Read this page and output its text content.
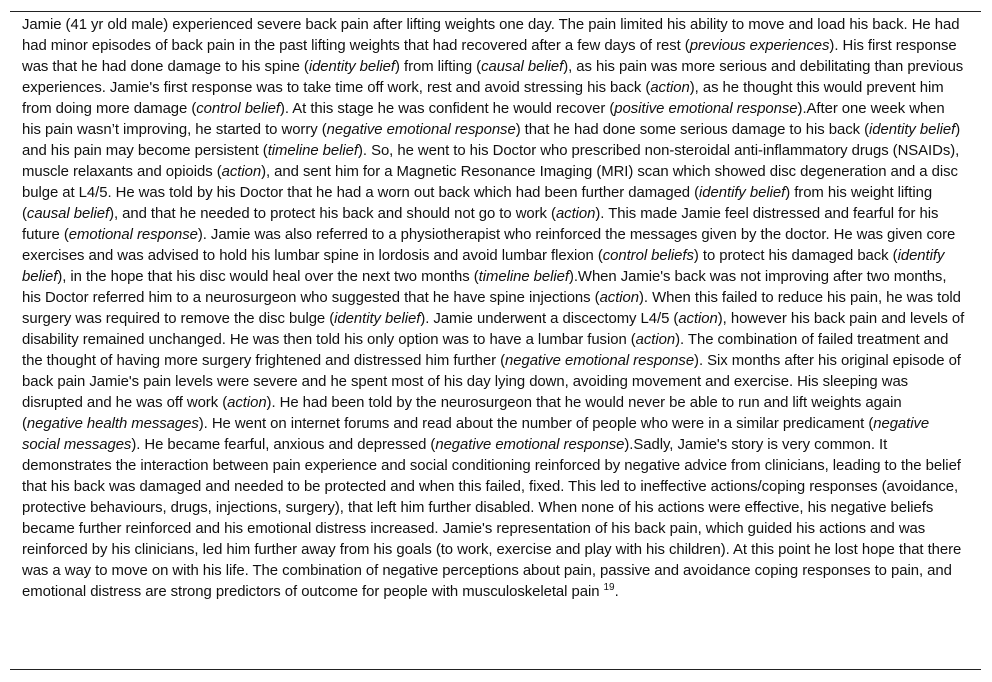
Jamie (41 yr old male) experienced severe back pain after lifting weights one day. The pain limited his ability to move and load his back. He had had minor episodes of back pain in the past lifting weights that had recovered after a few days of rest (previous experiences). His first response was that he had done damage to his spine (identity belief) from lifting (causal belief), as his pain was more serious and debilitating than previous experiences. Jamie's first response was to take time off work, rest and avoid stressing his back (action), as he thought this would prevent him from doing more damage (control belief). At this stage he was confident he would recover (positive emotional response).After one week when his pain wasn’t improving, he started to worry (negative emotional response) that he had done some serious damage to his back (identity belief) and his pain may become persistent (timeline belief). So, he went to his Doctor who prescribed non-steroidal anti-inflammatory drugs (NSAIDs), muscle relaxants and opioids (action), and sent him for a Magnetic Resonance Imaging (MRI) scan which showed disc degeneration and a disc bulge at L4/5. He was told by his Doctor that he had a worn out back which had been further damaged (identify belief) from his weight lifting (causal belief), and that he needed to protect his back and should not go to work (action). This made Jamie feel distressed and fearful for his future (emotional response). Jamie was also referred to a physiotherapist who reinforced the messages given by the doctor. He was given core exercises and was advised to hold his lumbar spine in lordosis and avoid lumbar flexion (control beliefs) to protect his damaged back (identify belief), in the hope that his disc would heal over the next two months (timeline belief).When Jamie's back was not improving after two months, his Doctor referred him to a neurosurgeon who suggested that he have spine injections (action). When this failed to reduce his pain, he was told surgery was required to remove the disc bulge (identity belief). Jamie underwent a discectomy L4/5 (action), however his back pain and levels of disability remained unchanged. He was then told his only option was to have a lumbar fusion (action). The combination of failed treatment and the thought of having more surgery frightened and distressed him further (negative emotional response). Six months after his original episode of back pain Jamie's pain levels were severe and he spent most of his day lying down, avoiding movement and exercise. His sleeping was disrupted and he was off work (action). He had been told by the neurosurgeon that he would never be able to run and lift weights again (negative health messages). He went on internet forums and read about the number of people who were in a similar predicament (negative social messages). He became fearful, anxious and depressed (negative emotional response).Sadly, Jamie's story is very common. It demonstrates the interaction between pain experience and social conditioning reinforced by negative advice from clinicians, leading to the belief that his back was damaged and needed to be protected and when this failed, fixed. This led to ineffective actions/coping responses (avoidance, protective behaviours, drugs, injections, surgery), that left him further disabled. When none of his actions were effective, his negative beliefs became further reinforced and his emotional distress increased. Jamie's representation of his back pain, which guided his actions and was reinforced by his clinicians, led him further away from his goals (to work, exercise and play with his children). At this point he lost hope that there was a way to move on with his life. The combination of negative perceptions about pain, passive and avoidance coping responses to pain, and emotional distress are strong predictors of outcome for people with musculoskeletal pain $^{19}$.
